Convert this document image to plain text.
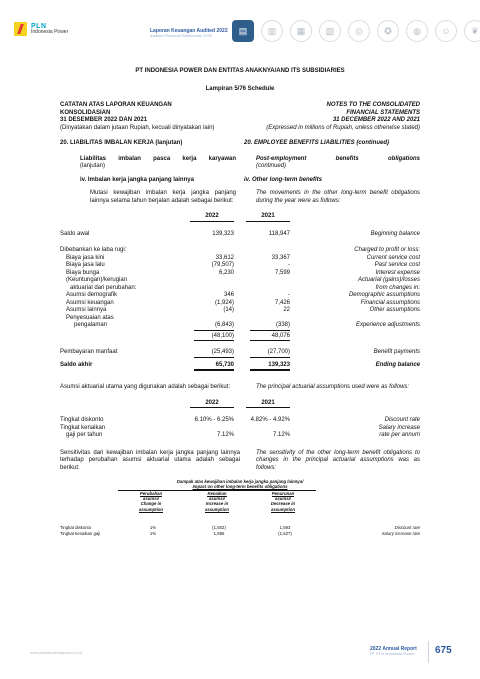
PLN
Indonesia Power	Laporan Keuangan Audited 2022
Audited Financial Statements 2022	▤	▥	▦	▧	◎	✪	◍	☺	❦
PT INDONESIA POWER DAN ENTITAS ANAKNYA/AND ITS SUBSIDIARIES
Lampiran 5/76 Schedule
CATATAN ATAS LAPORAN KEUANGAN
KONSOLIDASIAN
31 DESEMBER 2022 DAN 2021
(Dinyatakan dalam jutaan Rupiah, kecuali dinyatakan lain)
NOTES TO THE CONSOLIDATED
FINANCIAL STATEMENTS
31 DECEMBER 2022 AND 2021
(Expressed in millions of Rupiah, unless otherwise stated)
20. LIABILITAS IMBALAN KERJA (lanjutan)	20. EMPLOYEE BENEFITS LIABILITIES (continued)
Liabilitas imbalan pasca kerja karyawan
(lanjutan)
Post-employment benefits obligations
(continued)
iv. Imbalan kerja jangka panjang lainnya	iv. Other long-term benefits
Mutasi kewajiban imbalan kerja jangka panjang lainnya selama tahun berjalan adalah sebagai berikut:
The movements in the other long-term benefit obligations during the year were as follows:

	2022	2021	

Saldo awal	139,323	118,947	Beginning balance

Dibebankan ke laba rugi:			Charged to profit or loss:
Biaya jasa kini	33,612	33,367	Current service cost
Biaya jasa lalu	(79,507)	-	Past service cost
Biaya bunga	6,230	7,599	Interest expense
(Keuntungan)/kerugian			Actuarial (gains)/losses
aktuarial dari perubahan:			from changes in:
Asumsi demografik	346	-	Demographic assumptions
Asumsi keuangan	(1,924)	7,426	Financial assumptions
Asumsi lainnya	(14)	22	Other assumptions
Penyesuaian atas			
pengalaman	(6,843)	(338)	Experience adjustments

	(48,100)	48,076	

Pembayaran manfaat	(25,493)	(27,700)	Benefit payments

Saldo akhir	65,730	139,323	Ending balance
Asumsi aktuarial utama yang digunakan adalah sebagai berikut:	The principal actuarial assumptions used were as follows:

	2022	2021	

Tingkat diskonto	6.10% - 6.25%	4.82% - 4.92%	Discount rate
Tingkat kenaikan			Salary increase
gaji per tahun	7.12%	7.12%	rate per annum
Sensitivitas dari kewajiban imbalan kerja jangka panjang lainnya terhadap perubahan asumsi aktuarial utama adalah sebagai berikut:
The sensitivity of the other long-term benefit obligations to changes in the principal actuarial assumptions was as follows:
Dampak atas kewajiban imbalan kerja jangka panjang lainnya/
Impact on other long-term benefits obligations
Perubahan
asumsi/
Change in
assumption
Kenaikan
asumsi/
Increase in
assumption
Penurunan
asumsi/
Decrease in
assumption
Tingkat diskonto	1%	(1,502)	1,593	Discount rate
Tingkat kenaikan gaji	1%	1,695	(1,627)	Salary increase rate
www.plnindonesiapower.co.id
2022 Annual Report
PT PLN Indonesia Power 675
